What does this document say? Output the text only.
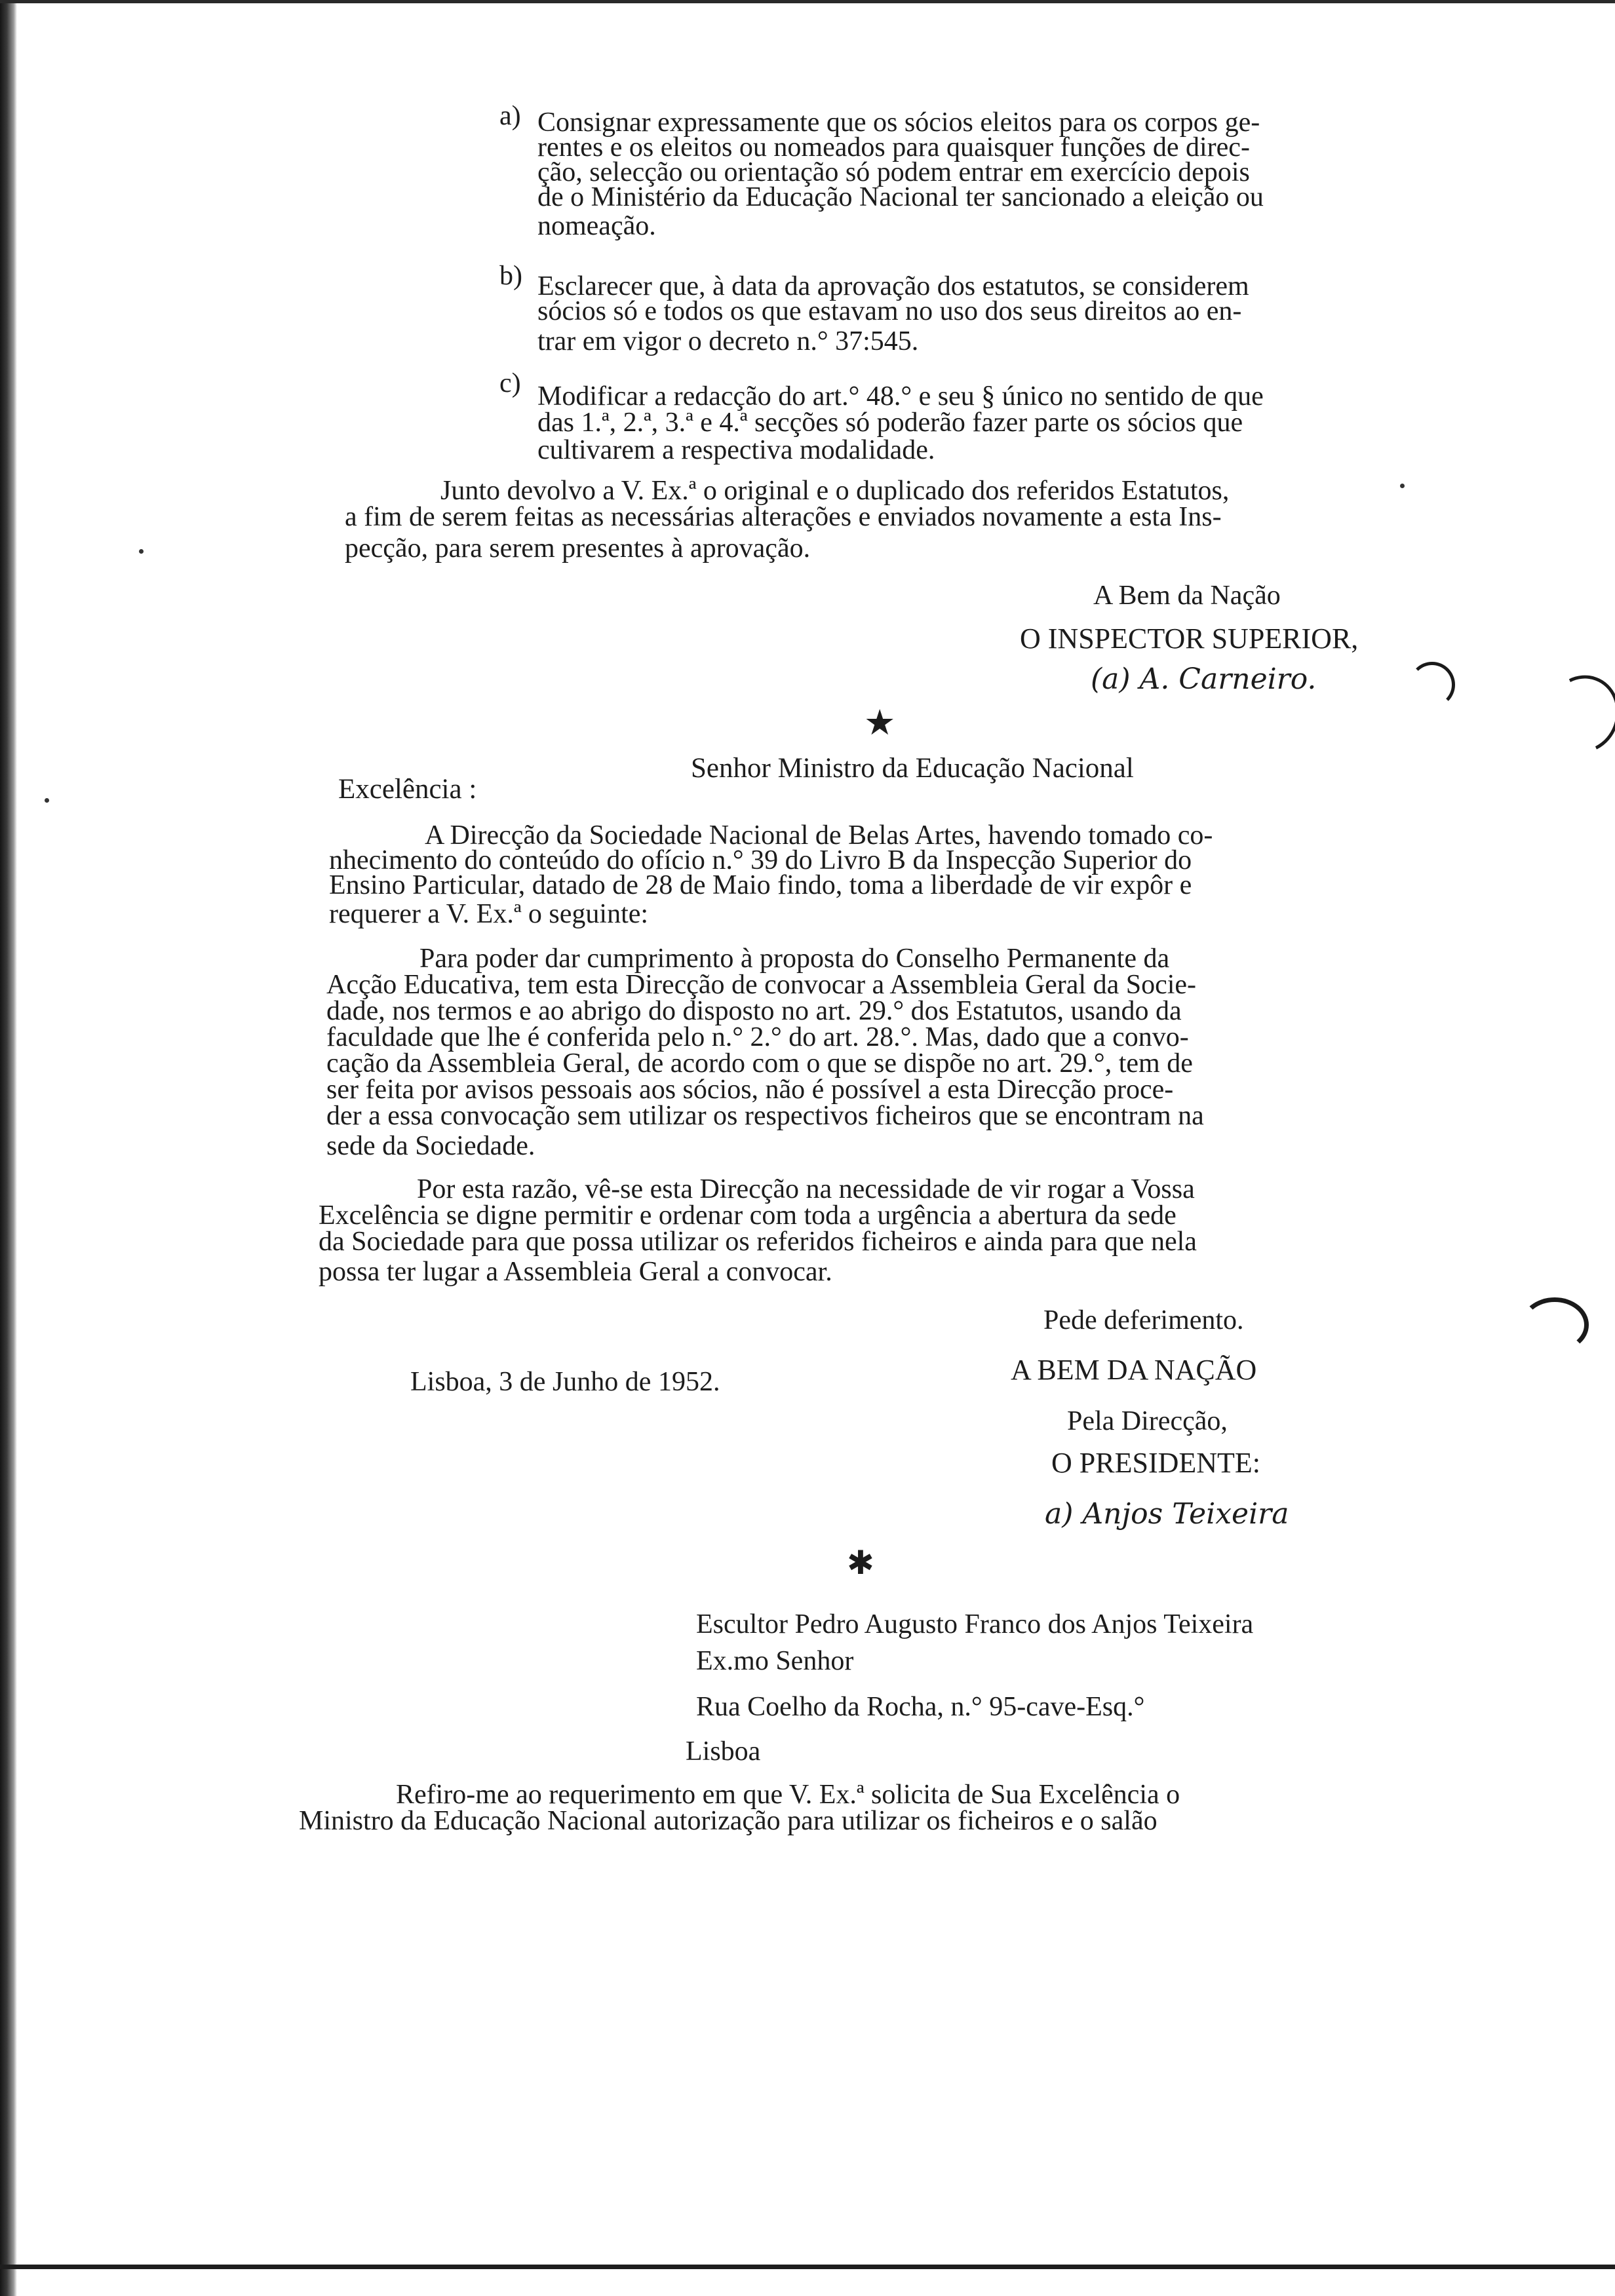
a) Consignar expressamente que os sócios eleitos para os corpos ge-
rentes e os eleitos ou nomeados para quaisquer funções de direc-
ção, selecção ou orientação só podem entrar em exercício depois
de o Ministério da Educação Nacional ter sancionado a eleição ou
nomeação.
b) Esclarecer que, à data da aprovação dos estatutos, se considerem
sócios só e todos os que estavam no uso dos seus direitos ao en-
trar em vigor o decreto n.° 37:545.
c) Modificar a redacção do art.° 48.° e seu § único no sentido de que
das 1.ª, 2.ª, 3.ª e 4.ª secções só poderão fazer parte os sócios que
cultivarem a respectiva modalidade.
Junto devolvo a V. Ex.ª o original e o duplicado dos referidos Estatutos,
a fim de serem feitas as necessárias alterações e enviados novamente a esta Ins-
pecção, para serem presentes à aprovação.
A Bem da Nação
O INSPECTOR SUPERIOR,
(a) A. Carneiro.
★
Senhor Ministro da Educação Nacional
Excelência :
A Direcção da Sociedade Nacional de Belas Artes, havendo tomado co-
nhecimento do conteúdo do ofício n.° 39 do Livro B da Inspecção Superior do
Ensino Particular, datado de 28 de Maio findo, toma a liberdade de vir expôr e
requerer a V. Ex.ª o seguinte:
Para poder dar cumprimento à proposta do Conselho Permanente da
Acção Educativa, tem esta Direcção de convocar a Assembleia Geral da Socie-
dade, nos termos e ao abrigo do disposto no art. 29.° dos Estatutos, usando da
faculdade que lhe é conferida pelo n.° 2.° do art. 28.°. Mas, dado que a convo-
cação da Assembleia Geral, de acordo com o que se dispõe no art. 29.°, tem de
ser feita por avisos pessoais aos sócios, não é possível a esta Direcção proce-
der a essa convocação sem utilizar os respectivos ficheiros que se encontram na
sede da Sociedade.
Por esta razão, vê-se esta Direcção na necessidade de vir rogar a Vossa
Excelência se digne permitir e ordenar com toda a urgência a abertura da sede
da Sociedade para que possa utilizar os referidos ficheiros e ainda para que nela
possa ter lugar a Assembleia Geral a convocar.
Pede deferimento.
Lisboa, 3 de Junho de 1952.	A BEM DA NAÇÃO
Pela Direcção,
O PRESIDENTE:
a) Anjos Teixeira
✱
Escultor Pedro Augusto Franco dos Anjos Teixeira
Ex.mo Senhor
Rua Coelho da Rocha, n.° 95-cave-Esq.°
Lisboa
Refiro-me ao requerimento em que V. Ex.ª solicita de Sua Excelência o
Ministro da Educação Nacional autorização para utilizar os ficheiros e o salão
